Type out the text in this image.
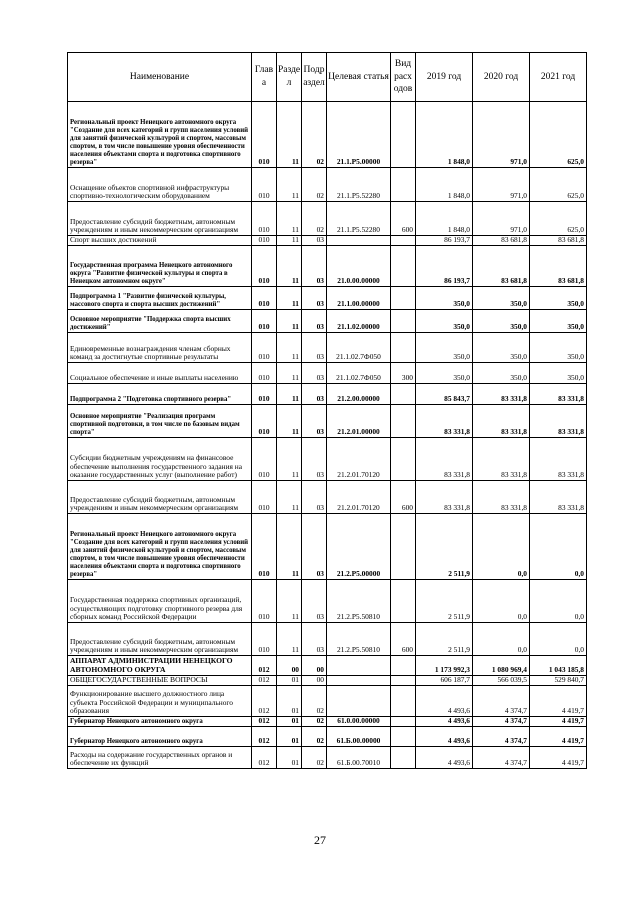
Наименование	Глав а	Разде л	Подр аздел	Целевая статья	Вид расх одов	2019 год	2020 год	2021 год
Региональный проект Ненецкого автономного округа "Создание для всех категорий и групп населения условий для занятий физической культурой и спортом, массовым спортом, в том числе повышение уровня обеспеченности населения объектами спорта и подготовка спортивного резерва"	010	11	02	21.1.Р5.00000		1 848,0	971,0	625,0
Оснащение объектов спортивной инфраструктуры спортивно-технологическим оборудованием	010	11	02	21.1.Р5.52280		1 848,0	971,0	625,0
Предоставление субсидий бюджетным, автономным учреждениям и иным некоммерческим организациям	010	11	02	21.1.Р5.52280	600	1 848,0	971,0	625,0
Спорт высших достижений	010	11	03			86 193,7	83 681,8	83 681,8
Государственная программа Ненецкого автономного округа "Развитие физической культуры и спорта в Ненецком автономном округе"	010	11	03	21.0.00.00000		86 193,7	83 681,8	83 681,8
Подпрограмма 1 "Развитие физической культуры, массового спорта и спорта высших достижений"	010	11	03	21.1.00.00000		350,0	350,0	350,0
Основное мероприятие "Поддержка спорта высших достижений"	010	11	03	21.1.02.00000		350,0	350,0	350,0
Единовременные вознаграждения членам сборных команд за достигнутые спортивные результаты	010	11	03	21.1.02.7Ф050		350,0	350,0	350,0
Социальное обеспечение и иные выплаты населению	010	11	03	21.1.02.7Ф050	300	350,0	350,0	350,0
Подпрограмма 2 "Подготовка спортивного резерва"	010	11	03	21.2.00.00000		85 843,7	83 331,8	83 331,8
Основное мероприятие "Реализация программ спортивной подготовки, в том числе по базовым видам спорта"	010	11	03	21.2.01.00000		83 331,8	83 331,8	83 331,8
Субсидии бюджетным учреждениям на финансовое обеспечение выполнения государственного задания на оказание государственных услуг (выполнение работ)	010	11	03	21.2.01.70120		83 331,8	83 331,8	83 331,8
Предоставление субсидий бюджетным, автономным учреждениям и иным некоммерческим организациям	010	11	03	21.2.01.70120	600	83 331,8	83 331,8	83 331,8
Региональный проект Ненецкого автономного округа "Создание для всех категорий и групп населения условий для занятий физической культурой и спортом, массовым спортом, в том числе повышение уровня обеспеченности населения объектами спорта и подготовка спортивного резерва"	010	11	03	21.2.Р5.00000		2 511,9	0,0	0,0
Государственная поддержка спортивных организаций, осуществляющих подготовку спортивного резерва для сборных команд Российской Федерации	010	11	03	21.2.Р5.50810		2 511,9	0,0	0,0
Предоставление субсидий бюджетным, автономным учреждениям и иным некоммерческим организациям	010	11	03	21.2.Р5.50810	600	2 511,9	0,0	0,0
АППАРАТ АДМИНИСТРАЦИИ НЕНЕЦКОГО АВТОНОМНОГО ОКРУГА	012	00	00			1 173 992,3	1 080 969,4	1 043 185,8
ОБЩЕГОСУДАРСТВЕННЫЕ ВОПРОСЫ	012	01	00			606 187,7	566 039,5	529 840,7
Функционирование высшего должностного лица субъекта Российской Федерации и муниципального образования	012	01	02			4 493,6	4 374,7	4 419,7
Губернатор Ненецкого автономного округа	012	01	02	61.0.00.00000		4 493,6	4 374,7	4 419,7
Губернатор Ненецкого автономного округа	012	01	02	61.Б.00.00000		4 493,6	4 374,7	4 419,7
Расходы на содержание государственных органов и обеспечение их функций	012	01	02	61.Б.00.70010		4 493,6	4 374,7	4 419,7
27
